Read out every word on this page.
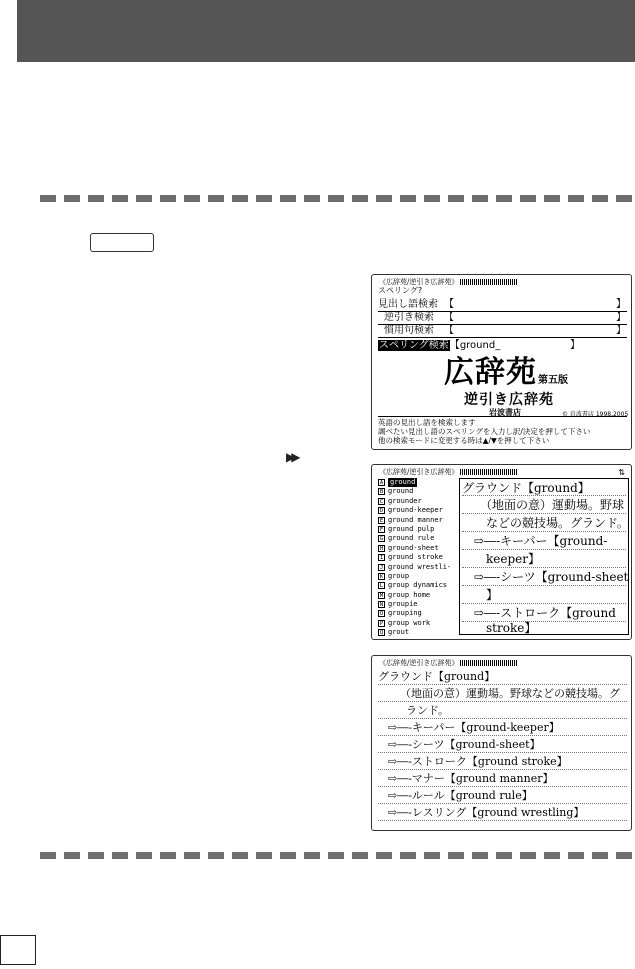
▶▶
《広辞苑/逆引き広辞苑》
スペリング?
見出し語検索 【	】
逆引き検索 【	】
慣用句検索 【	】
スペリング検索【ground_	】
広辞苑 第五版
逆引き広辞苑
岩波書店	© 岩波書店 1998,2005
英語の見出し語を検索します
調べたい見出し語のスペリングを入力し訳/決定を押して下さい
他の検索モードに変更する時は▲/▼を押して下さい
《広辞苑/逆引き広辞苑》	⇅
A ground
B ground
C grounder
D ground-keeper
E ground manner
F ground pulp
G ground rule
H ground-sheet
I ground stroke
J ground wrestli-
K group
L group dynamics
M group home
N groupie
O grouping
P group work
Q grout
グラウンド【ground】
（地面の意）運動場。野球
などの競技場。グランド。
⇨―-キーパー【ground-
keeper】
⇨―-シーツ【ground-sheet
】
⇨―-ストローク【ground
stroke】
《広辞苑/逆引き広辞苑》
グラウンド【ground】
（地面の意）運動場。野球などの競技場。グ
ランド。
⇨―-キーパー【ground-keeper】
⇨―-シーツ【ground-sheet】
⇨―-ストローク【ground stroke】
⇨―-マナー【ground manner】
⇨―-ルール【ground rule】
⇨―-レスリング【ground wrestling】
